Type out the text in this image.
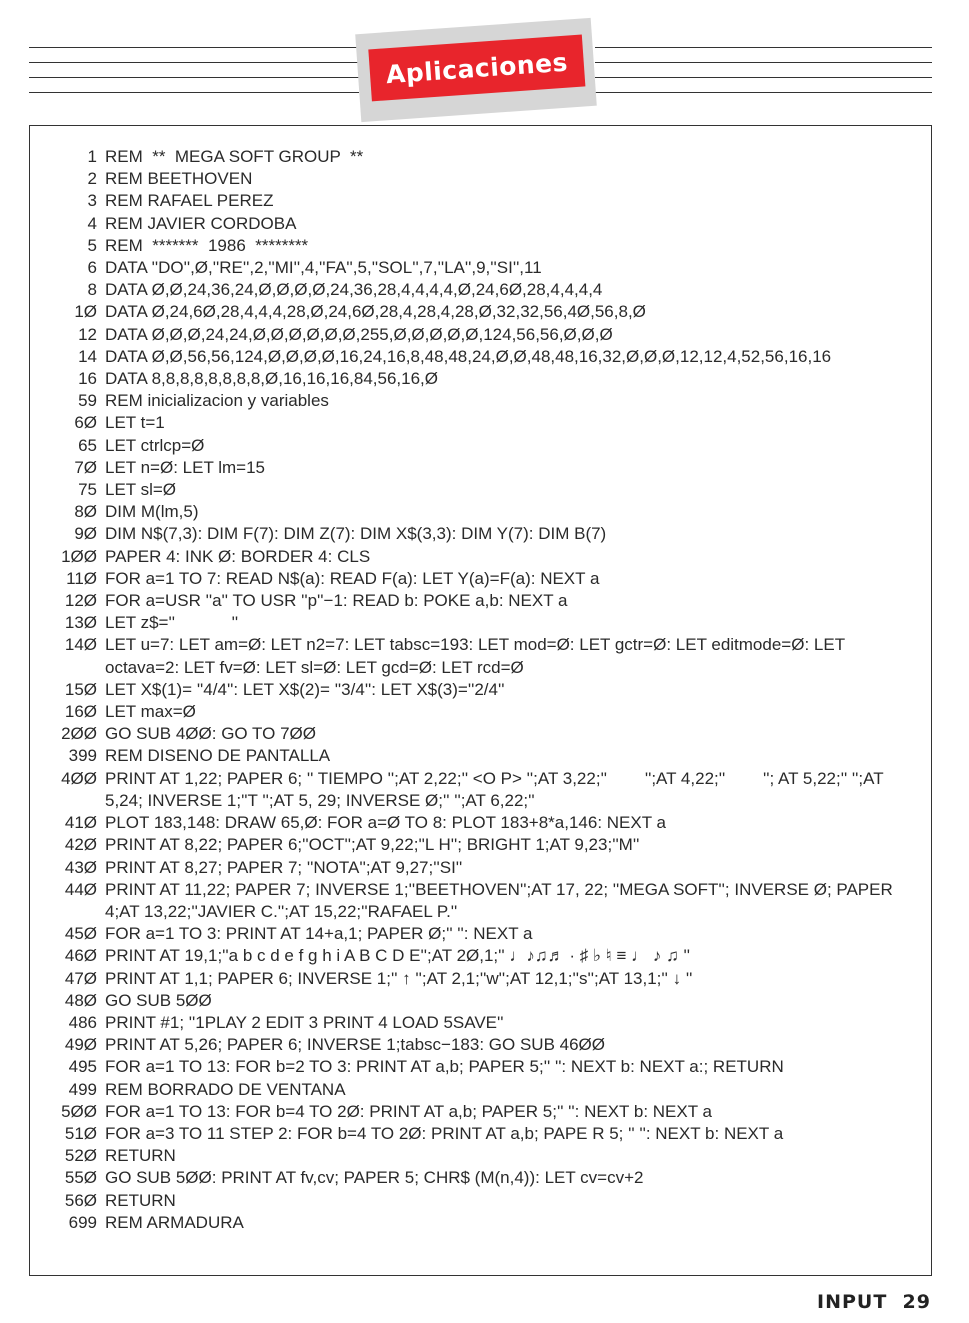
Aplicaciones
1 REM  **  MEGA SOFT GROUP  **
2 REM BEETHOVEN
3 REM RAFAEL PEREZ
4 REM JAVIER CORDOBA
5 REM  *******  1986  ********
6 DATA ''DO'',Ø,''RE'',2,''MI'',4,''FA'',5,''SOL'',7,''LA'',9,''SI'',11
8 DATA Ø,Ø,24,36,24,Ø,Ø,Ø,Ø,24,36,28,4,4,4,4,Ø,24,6Ø,28,4,4,4,4
1Ø DATA Ø,24,6Ø,28,4,4,4,28,Ø,24,6Ø,28,4,28,4,28,Ø,32,32,56,4Ø,56,8,Ø
12 DATA Ø,Ø,Ø,24,24,Ø,Ø,Ø,Ø,Ø,Ø,255,Ø,Ø,Ø,Ø,Ø,124,56,56,Ø,Ø,Ø
14 DATA Ø,Ø,56,56,124,Ø,Ø,Ø,Ø,16,24,16,8,48,48,24,Ø,Ø,48,48,16,32,Ø,Ø,Ø,12,12,4,52,56,16,16
16 DATA 8,8,8,8,8,8,8,8,Ø,16,16,16,84,56,16,Ø
59 REM inicializacion y variables
6Ø LET t=1
65 LET ctrlcp=Ø
7Ø LET n=Ø: LET lm=15
75 LET sl=Ø
8Ø DIM M(lm,5)
9Ø DIM N$(7,3): DIM F(7): DIM Z(7): DIM X$(3,3): DIM Y(7): DIM B(7)
1ØØ PAPER 4: INK Ø: BORDER 4: CLS
11Ø FOR a=1 TO 7: READ N$(a): READ F(a): LET Y(a)=F(a): NEXT a
12Ø FOR a=USR ''a'' TO USR ''p''−1: READ b: POKE a,b: NEXT a
13Ø LET z$=''            ''
14Ø LET u=7: LET am=Ø: LET n2=7: LET tabsc=193: LET mod=Ø: LET gctr=Ø: LET editmode=Ø: LET octava=2: LET fv=Ø: LET sl=Ø: LET gcd=Ø: LET rcd=Ø
15Ø LET X$(1)= ''4/4'': LET X$(2)= ''3/4'': LET X$(3)=''2/4''
16Ø LET max=Ø
2ØØ GO SUB 4ØØ: GO TO 7ØØ
399 REM DISENO DE PANTALLA
4ØØ PRINT AT 1,22; PAPER 6; '' TIEMPO '';AT 2,22;'' <O P> '';AT 3,22;''        '';AT 4,22;''        ''; AT 5,22;'' '';AT 5,24; INVERSE 1;''T '';AT 5, 29; INVERSE Ø;'' '';AT 6,22;''
41Ø PLOT 183,148: DRAW 65,Ø: FOR a=Ø TO 8: PLOT 183+8*a,146: NEXT a
42Ø PRINT AT 8,22; PAPER 6;''OCT'';AT 9,22;''L H''; BRIGHT 1;AT 9,23;''M''
43Ø PRINT AT 8,27; PAPER 7; ''NOTA'';AT 9,27;''SI''
44Ø PRINT AT 11,22; PAPER 7; INVERSE 1;''BEETHOVEN'';AT 17, 22; ''MEGA SOFT''; INVERSE Ø; PAPER 4;AT 13,22;''JAVIER C.'';AT 15,22;''RAFAEL P.''
45Ø FOR a=1 TO 3: PRINT AT 14+a,1; PAPER Ø;'' '': NEXT a
46Ø PRINT AT 19,1;''a b c d e f g h i A B C D E'';AT 2Ø,1;'' ♩♪♫♬ · ♯ ♭ ♮ ≡ ♩ ♪ ♫ ''
47Ø PRINT AT 1,1; PAPER 6; INVERSE 1;'' ↑ '';AT 2,1;''w'';AT 12,1;''s'';AT 13,1;'' ↓ ''
48Ø GO SUB 5ØØ
486 PRINT #1; ''1PLAY 2 EDIT 3 PRINT 4 LOAD 5SAVE''
49Ø PRINT AT 5,26; PAPER 6; INVERSE 1;tabsc−183: GO SUB 46ØØ
495 FOR a=1 TO 13: FOR b=2 TO 3: PRINT AT a,b; PAPER 5;'' '': NEXT b: NEXT a:; RETURN
499 REM BORRADO DE VENTANA
5ØØ FOR a=1 TO 13: FOR b=4 TO 2Ø: PRINT AT a,b; PAPER 5;'' '': NEXT b: NEXT a
51Ø FOR a=3 TO 11 STEP 2: FOR b=4 TO 2Ø: PRINT AT a,b; PAPE R 5; '' '': NEXT b: NEXT a
52Ø RETURN
55Ø GO SUB 5ØØ: PRINT AT fv,cv; PAPER 5; CHR$ (M(n,4)): LET cv=cv+2
56Ø RETURN
699 REM ARMADURA
INPUT 29
